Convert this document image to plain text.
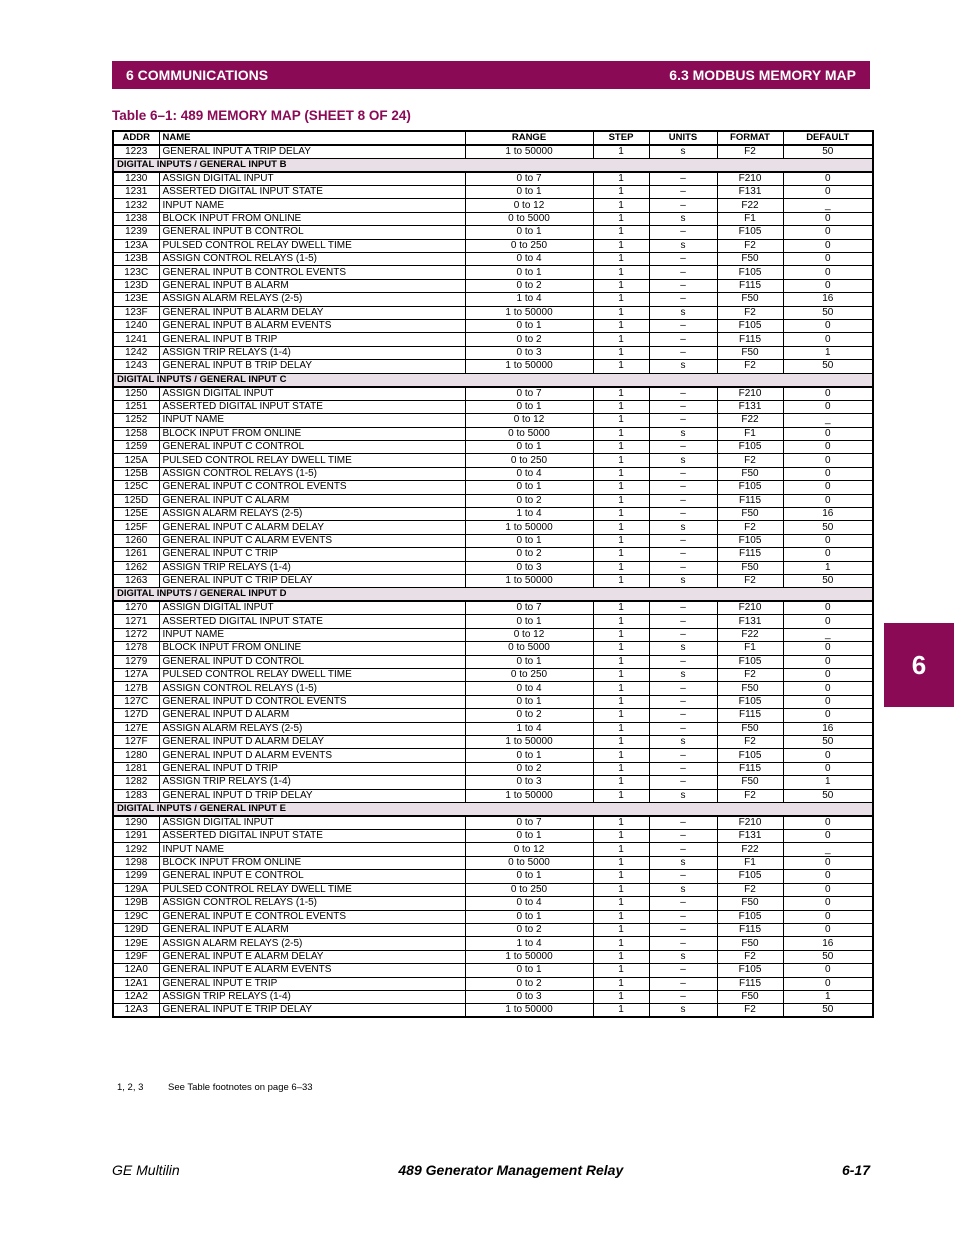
6 COMMUNICATIONS	6.3 MODBUS MEMORY MAP
Table 6–1: 489 MEMORY MAP (SHEET 8 OF 24)
ADDR	NAME	RANGE	STEP	UNITS	FORMAT	DEFAULT
1223	GENERAL INPUT A TRIP DELAY	1 to 50000	1	s	F2	50
DIGITAL INPUTS / GENERAL INPUT B						
1230	ASSIGN DIGITAL INPUT	0 to 7	1	–	F210	0
1231	ASSERTED DIGITAL INPUT STATE	0 to 1	1	–	F131	0
1232	INPUT NAME	0 to 12	1	–	F22	_
1238	BLOCK INPUT FROM ONLINE	0 to 5000	1	s	F1	0
1239	GENERAL INPUT B CONTROL	0 to 1	1	–	F105	0
123A	PULSED CONTROL RELAY DWELL TIME	0 to 250	1	s	F2	0
123B	ASSIGN CONTROL RELAYS (1-5)	0 to 4	1	–	F50	0
123C	GENERAL INPUT B CONTROL EVENTS	0 to 1	1	–	F105	0
123D	GENERAL INPUT B ALARM	0 to 2	1	–	F115	0
123E	ASSIGN ALARM RELAYS (2-5)	1 to 4	1	–	F50	16
123F	GENERAL INPUT B ALARM DELAY	1 to 50000	1	s	F2	50
1240	GENERAL INPUT B ALARM EVENTS	0 to 1	1	–	F105	0
1241	GENERAL INPUT B TRIP	0 to 2	1	–	F115	0
1242	ASSIGN TRIP RELAYS (1-4)	0 to 3	1	–	F50	1
1243	GENERAL INPUT B TRIP DELAY	1 to 50000	1	s	F2	50
DIGITAL INPUTS / GENERAL INPUT C						
1250	ASSIGN DIGITAL INPUT	0 to 7	1	–	F210	0
1251	ASSERTED DIGITAL INPUT STATE	0 to 1	1	–	F131	0
1252	INPUT NAME	0 to 12	1	–	F22	_
1258	BLOCK INPUT FROM ONLINE	0 to 5000	1	s	F1	0
1259	GENERAL INPUT C CONTROL	0 to 1	1	–	F105	0
125A	PULSED CONTROL RELAY DWELL TIME	0 to 250	1	s	F2	0
125B	ASSIGN CONTROL RELAYS (1-5)	0 to 4	1	–	F50	0
125C	GENERAL INPUT C CONTROL EVENTS	0 to 1	1	–	F105	0
125D	GENERAL INPUT C ALARM	0 to 2	1	–	F115	0
125E	ASSIGN ALARM RELAYS (2-5)	1 to 4	1	–	F50	16
125F	GENERAL INPUT C ALARM DELAY	1 to 50000	1	s	F2	50
1260	GENERAL INPUT C ALARM EVENTS	0 to 1	1	–	F105	0
1261	GENERAL INPUT C TRIP	0 to 2	1	–	F115	0
1262	ASSIGN TRIP RELAYS (1-4)	0 to 3	1	–	F50	1
1263	GENERAL INPUT C TRIP DELAY	1 to 50000	1	s	F2	50
DIGITAL INPUTS / GENERAL INPUT D						
1270	ASSIGN DIGITAL INPUT	0 to 7	1	–	F210	0
1271	ASSERTED DIGITAL INPUT STATE	0 to 1	1	–	F131	0
1272	INPUT NAME	0 to 12	1	–	F22	_
1278	BLOCK INPUT FROM ONLINE	0 to 5000	1	s	F1	0
1279	GENERAL INPUT D CONTROL	0 to 1	1	–	F105	0
127A	PULSED CONTROL RELAY DWELL TIME	0 to 250	1	s	F2	0
127B	ASSIGN CONTROL RELAYS (1-5)	0 to 4	1	–	F50	0
127C	GENERAL INPUT D CONTROL EVENTS	0 to 1	1	–	F105	0
127D	GENERAL INPUT D ALARM	0 to 2	1	–	F115	0
127E	ASSIGN ALARM RELAYS (2-5)	1 to 4	1	–	F50	16
127F	GENERAL INPUT D ALARM DELAY	1 to 50000	1	s	F2	50
1280	GENERAL INPUT D ALARM EVENTS	0 to 1	1	–	F105	0
1281	GENERAL INPUT D TRIP	0 to 2	1	–	F115	0
1282	ASSIGN TRIP RELAYS (1-4)	0 to 3	1	–	F50	1
1283	GENERAL INPUT D TRIP DELAY	1 to 50000	1	s	F2	50
DIGITAL INPUTS / GENERAL INPUT E						
1290	ASSIGN DIGITAL INPUT	0 to 7	1	–	F210	0
1291	ASSERTED DIGITAL INPUT STATE	0 to 1	1	–	F131	0
1292	INPUT NAME	0 to 12	1	–	F22	_
1298	BLOCK INPUT FROM ONLINE	0 to 5000	1	s	F1	0
1299	GENERAL INPUT E CONTROL	0 to 1	1	–	F105	0
129A	PULSED CONTROL RELAY DWELL TIME	0 to 250	1	s	F2	0
129B	ASSIGN CONTROL RELAYS (1-5)	0 to 4	1	–	F50	0
129C	GENERAL INPUT E CONTROL EVENTS	0 to 1	1	–	F105	0
129D	GENERAL INPUT E ALARM	0 to 2	1	–	F115	0
129E	ASSIGN ALARM RELAYS (2-5)	1 to 4	1	–	F50	16
129F	GENERAL INPUT E ALARM DELAY	1 to 50000	1	s	F2	50
12A0	GENERAL INPUT E ALARM EVENTS	0 to 1	1	–	F105	0
12A1	GENERAL INPUT E TRIP	0 to 2	1	–	F115	0
12A2	ASSIGN TRIP RELAYS (1-4)	0 to 3	1	–	F50	1
12A3	GENERAL INPUT E TRIP DELAY	1 to 50000	1	s	F2	50
1, 2, 3	See Table footnotes on page 6–33
6
GE Multilin	489 Generator Management Relay	6-17
